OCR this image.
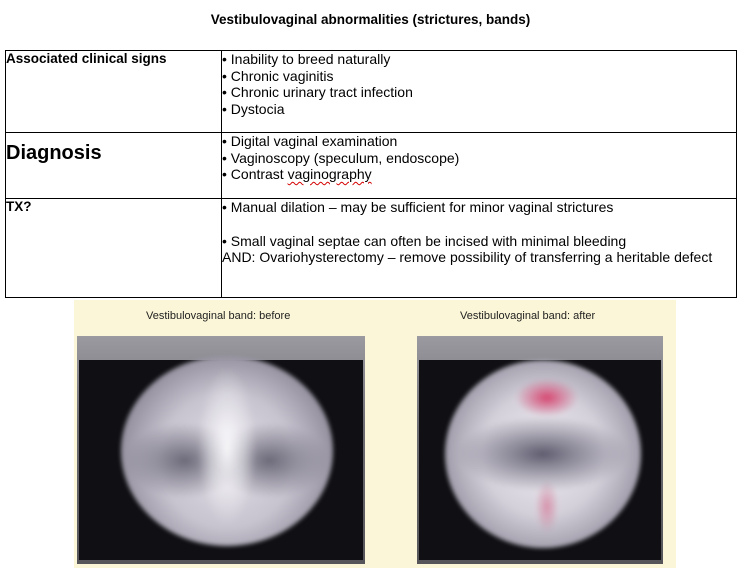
Vestibulovaginal abnormalities (strictures, bands)
Associated clinical signs	• Inability to breed naturally
• Chronic vaginitis
• Chronic urinary tract infection
• Dystocia

Diagnosis	• Digital vaginal examination
• Vaginoscopy (speculum, endoscope)
• Contrast vaginography

TX?	• Manual dilation – may be sufficient for minor vaginal strictures
• Small vaginal septae can often be incised with minimal bleeding
AND: Ovariohysterectomy – remove possibility of transferring a heritable defect
Vestibulovaginal band: before	Vestibulovaginal band: after
